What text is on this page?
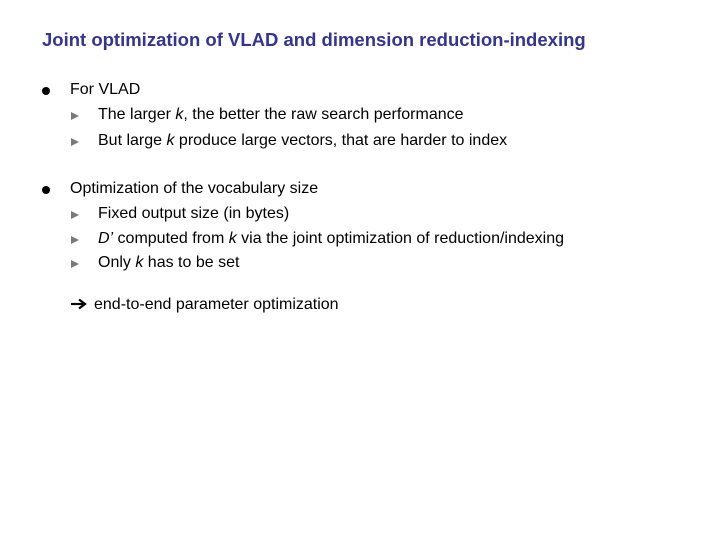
Joint optimization of VLAD and dimension reduction-indexing
For VLAD
The larger k, the better the raw search performance
But large k produce large vectors, that are harder to index
Optimization of the vocabulary size
Fixed output size (in bytes)
D’ computed from k via the joint optimization of reduction/indexing
Only k has to be set
end-to-end parameter optimization
